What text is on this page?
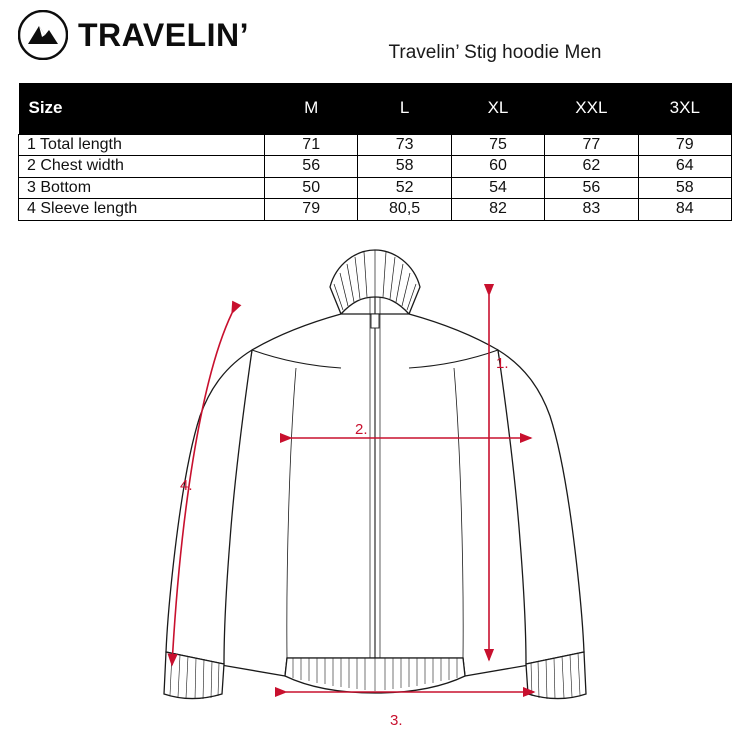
TRAVELIN’	Travelin’ Stig hoodie Men
Size	M	L	XL	XXL	3XL
1 Total length	71	73	75	77	79
2 Chest width	56	58	60	62	64
3 Bottom	50	52	54	56	58
4 Sleeve length	79	80,5	82	83	84
1.
2.
3.
4.
